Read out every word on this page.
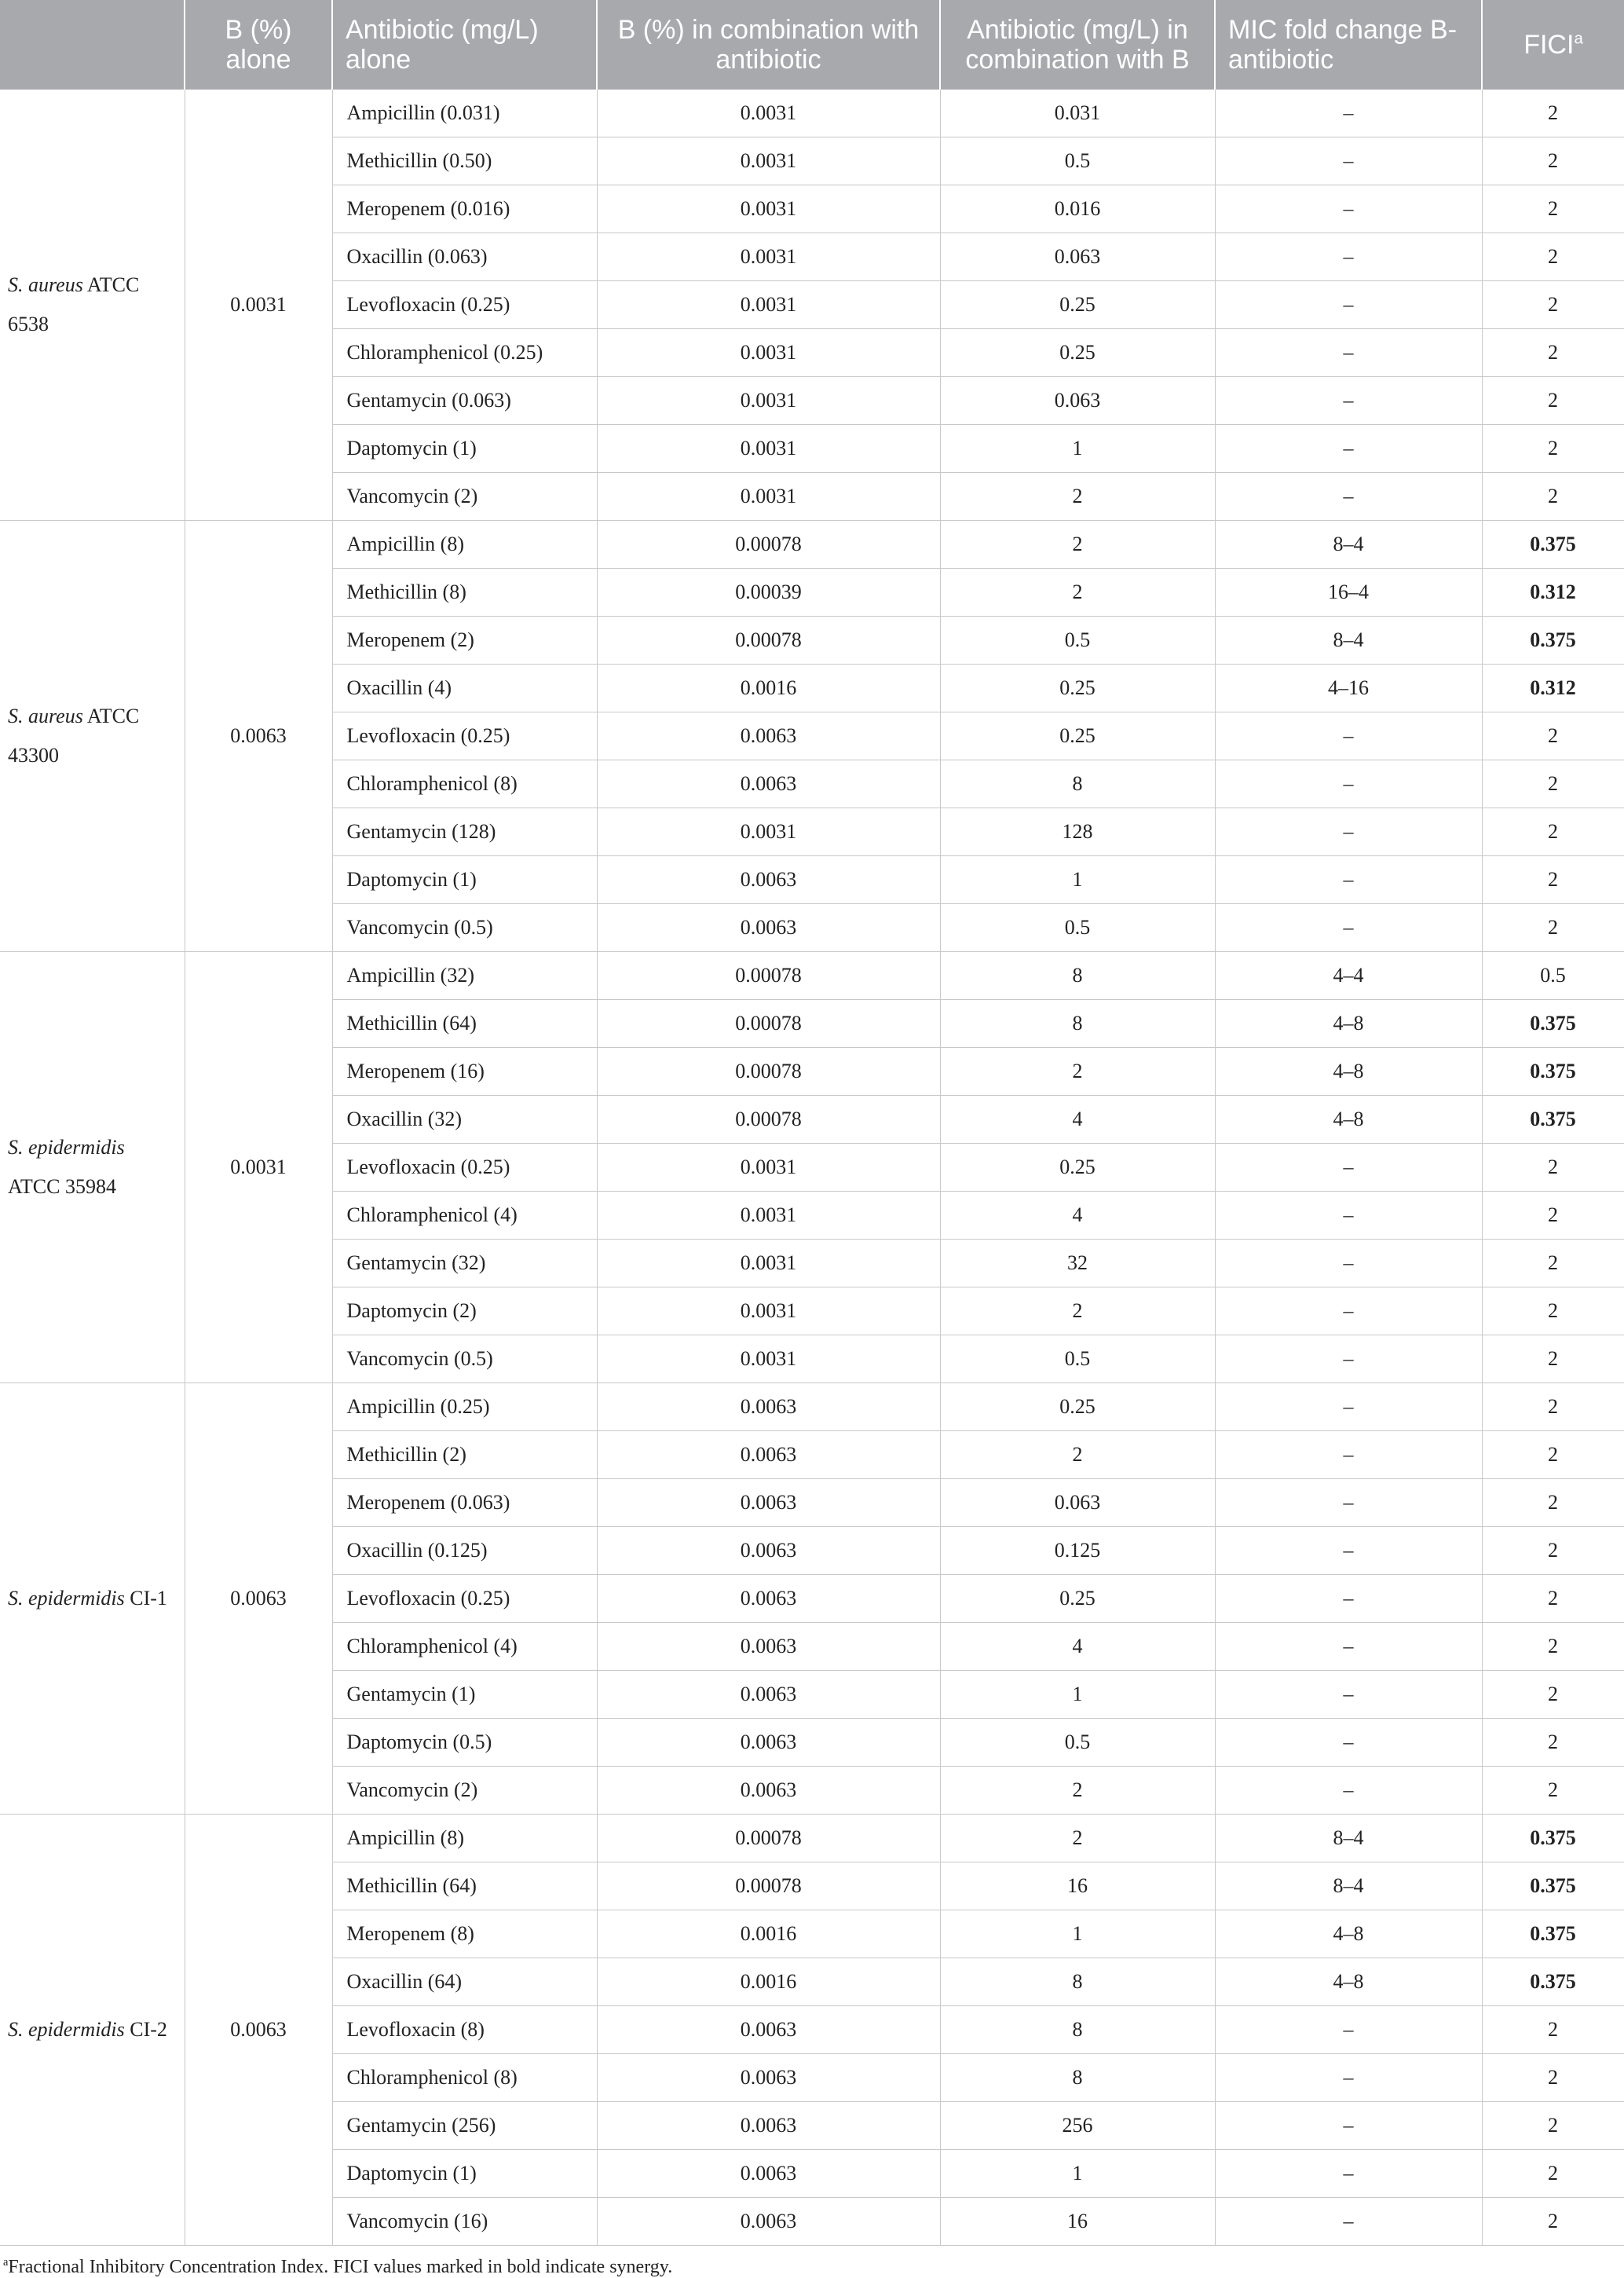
	B (%) alone	Antibiotic (mg/L) alone	B (%) in combination with antibiotic	Antibiotic (mg/L) in combination with B	MIC fold change B-antibiotic	FICI$^a$
S. aureus ATCC 6538	0.0031	Ampicillin (0.031)	0.0031	0.031	–	2
		Methicillin (0.50)	0.0031	0.5	–	2
		Meropenem (0.016)	0.0031	0.016	–	2
		Oxacillin (0.063)	0.0031	0.063	–	2
		Levofloxacin (0.25)	0.0031	0.25	–	2
		Chloramphenicol (0.25)	0.0031	0.25	–	2
		Gentamycin (0.063)	0.0031	0.063	–	2
		Daptomycin (1)	0.0031	1	–	2
		Vancomycin (2)	0.0031	2	–	2
S. aureus ATCC 43300	0.0063	Ampicillin (8)	0.00078	2	8–4	0.375
		Methicillin (8)	0.00039	2	16–4	0.312
		Meropenem (2)	0.00078	0.5	8–4	0.375
		Oxacillin (4)	0.0016	0.25	4–16	0.312
		Levofloxacin (0.25)	0.0063	0.25	–	2
		Chloramphenicol (8)	0.0063	8	–	2
		Gentamycin (128)	0.0031	128	–	2
		Daptomycin (1)	0.0063	1	–	2
		Vancomycin (0.5)	0.0063	0.5	–	2
S. epidermidis ATCC 35984	0.0031	Ampicillin (32)	0.00078	8	4–4	0.5
		Methicillin (64)	0.00078	8	4–8	0.375
		Meropenem (16)	0.00078	2	4–8	0.375
		Oxacillin (32)	0.00078	4	4–8	0.375
		Levofloxacin (0.25)	0.0031	0.25	–	2
		Chloramphenicol (4)	0.0031	4	–	2
		Gentamycin (32)	0.0031	32	–	2
		Daptomycin (2)	0.0031	2	–	2
		Vancomycin (0.5)	0.0031	0.5	–	2
S. epidermidis CI-1	0.0063	Ampicillin (0.25)	0.0063	0.25	–	2
		Methicillin (2)	0.0063	2	–	2
		Meropenem (0.063)	0.0063	0.063	–	2
		Oxacillin (0.125)	0.0063	0.125	–	2
		Levofloxacin (0.25)	0.0063	0.25	–	2
		Chloramphenicol (4)	0.0063	4	–	2
		Gentamycin (1)	0.0063	1	–	2
		Daptomycin (0.5)	0.0063	0.5	–	2
		Vancomycin (2)	0.0063	2	–	2
S. epidermidis CI-2	0.0063	Ampicillin (8)	0.00078	2	8–4	0.375
		Methicillin (64)	0.00078	16	8–4	0.375
		Meropenem (8)	0.0016	1	4–8	0.375
		Oxacillin (64)	0.0016	8	4–8	0.375
		Levofloxacin (8)	0.0063	8	–	2
		Chloramphenicol (8)	0.0063	8	–	2
		Gentamycin (256)	0.0063	256	–	2
		Daptomycin (1)	0.0063	1	–	2
		Vancomycin (16)	0.0063	16	–	2
$^a$Fractional Inhibitory Concentration Index. FICI values marked in bold indicate synergy.
